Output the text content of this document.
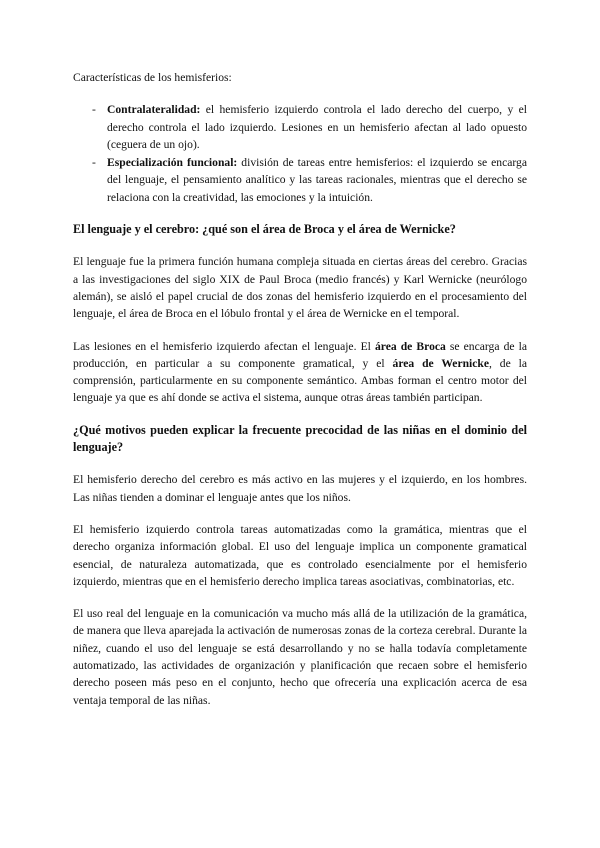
Características de los hemisferios:

- Contralateralidad: el hemisferio izquierdo controla el lado derecho del cuerpo, y el derecho controla el lado izquierdo. Lesiones en un hemisferio afectan al lado opuesto (ceguera de un ojo).
- Especialización funcional: división de tareas entre hemisferios: el izquierdo se encarga del lenguaje, el pensamiento analítico y las tareas racionales, mientras que el derecho se relaciona con la creatividad, las emociones y la intuición.
El lenguaje y el cerebro: ¿qué son el área de Broca y el área de Wernicke?

El lenguaje fue la primera función humana compleja situada en ciertas áreas del cerebro. Gracias a las investigaciones del siglo XIX de Paul Broca (medio francés) y Karl Wernicke (neurólogo alemán), se aisló el papel crucial de dos zonas del hemisferio izquierdo en el procesamiento del lenguaje, el área de Broca en el lóbulo frontal y el área de Wernicke en el temporal.

Las lesiones en el hemisferio izquierdo afectan el lenguaje. El área de Broca se encarga de la producción, en particular a su componente gramatical, y el área de Wernicke, de la comprensión, particularmente en su componente semántico. Ambas forman el centro motor del lenguaje ya que es ahí donde se activa el sistema, aunque otras áreas también participan.

¿Qué motivos pueden explicar la frecuente precocidad de las niñas en el dominio del lenguaje?

El hemisferio derecho del cerebro es más activo en las mujeres y el izquierdo, en los hombres. Las niñas tienden a dominar el lenguaje antes que los niños.

El hemisferio izquierdo controla tareas automatizadas como la gramática, mientras que el derecho organiza información global. El uso del lenguaje implica un componente gramatical esencial, de naturaleza automatizada, que es controlado esencialmente por el hemisferio izquierdo, mientras que en el hemisferio derecho implica tareas asociativas, combinatorias, etc.

El uso real del lenguaje en la comunicación va mucho más allá de la utilización de la gramática, de manera que lleva aparejada la activación de numerosas zonas de la corteza cerebral. Durante la niñez, cuando el uso del lenguaje se está desarrollando y no se halla todavía completamente automatizado, las actividades de organización y planificación que recaen sobre el hemisferio derecho poseen más peso en el conjunto, hecho que ofrecería una explicación acerca de esa ventaja temporal de las niñas.
